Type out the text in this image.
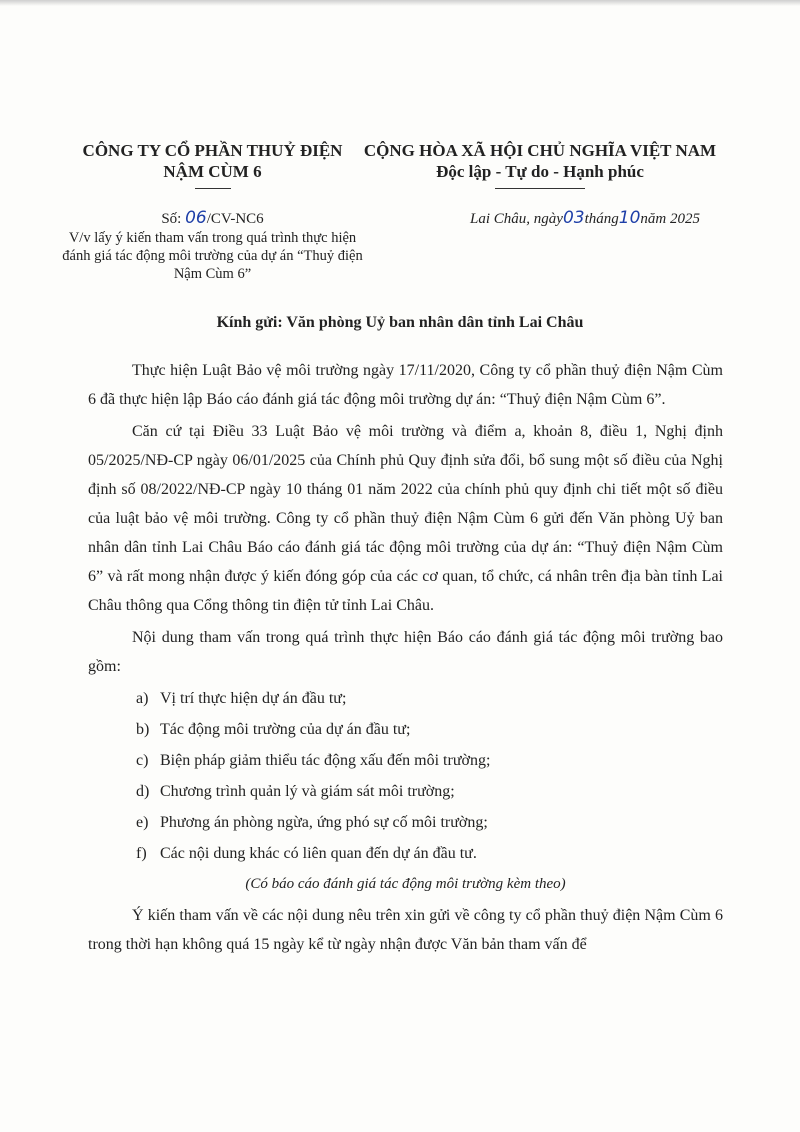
CÔNG TY CỔ PHẦN THUỶ ĐIỆN
NẬM CÙM 6
CỘNG HÒA XÃ HỘI CHỦ NGHĨA VIỆT NAM
Độc lập - Tự do - Hạnh phúc
Số: 06/CV-NC6
V/v lấy ý kiến tham vấn trong quá trình thực hiện đánh giá tác động môi trường của dự án “Thuỷ điện Nậm Cùm 6”
Lai Châu, ngày03tháng10năm 2025
Kính gửi: Văn phòng Uỷ ban nhân dân tỉnh Lai Châu

Thực hiện Luật Bảo vệ môi trường ngày 17/11/2020, Công ty cổ phần thuỷ điện Nậm Cùm 6 đã thực hiện lập Báo cáo đánh giá tác động môi trường dự án: “Thuỷ điện Nậm Cùm 6”.

Căn cứ tại Điều 33 Luật Bảo vệ môi trường và điểm a, khoản 8, điều 1, Nghị định 05/2025/NĐ-CP ngày 06/01/2025 của Chính phủ Quy định sửa đổi, bổ sung một số điều của Nghị định số 08/2022/NĐ-CP ngày 10 tháng 01 năm 2022 của chính phủ quy định chi tiết một số điều của luật bảo vệ môi trường. Công ty cổ phần thuỷ điện Nậm Cùm 6 gửi đến Văn phòng Uỷ ban nhân dân tỉnh Lai Châu Báo cáo đánh giá tác động môi trường của dự án: “Thuỷ điện Nậm Cùm 6” và rất mong nhận được ý kiến đóng góp của các cơ quan, tổ chức, cá nhân trên địa bàn tỉnh Lai Châu thông qua Cổng thông tin điện tử tỉnh Lai Châu.

Nội dung tham vấn trong quá trình thực hiện Báo cáo đánh giá tác động môi trường bao gồm:

a) Vị trí thực hiện dự án đầu tư;
b) Tác động môi trường của dự án đầu tư;
c) Biện pháp giảm thiểu tác động xấu đến môi trường;
d) Chương trình quản lý và giám sát môi trường;
e) Phương án phòng ngừa, ứng phó sự cố môi trường;
f) Các nội dung khác có liên quan đến dự án đầu tư.
(Có báo cáo đánh giá tác động môi trường kèm theo)

Ý kiến tham vấn về các nội dung nêu trên xin gửi về công ty cổ phần thuỷ điện Nậm Cùm 6 trong thời hạn không quá 15 ngày kể từ ngày nhận được Văn bản tham vấn để
